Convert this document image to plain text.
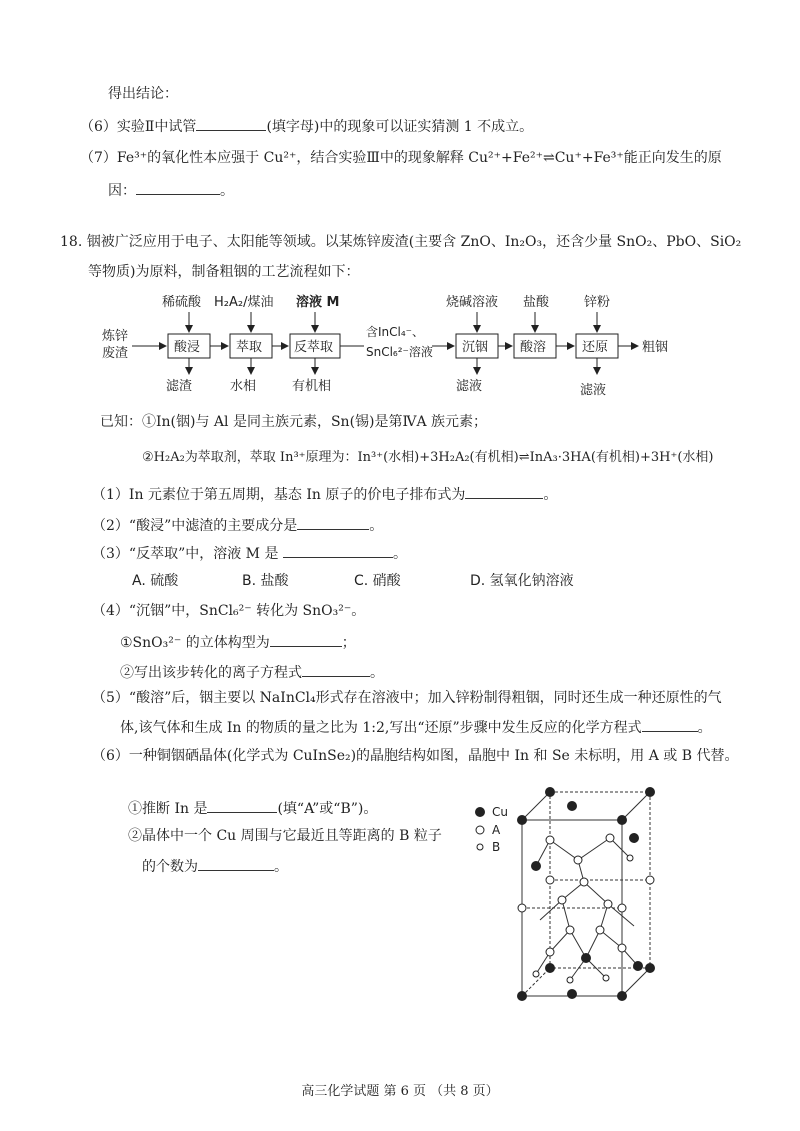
得出结论：
（6）实验Ⅱ中试管	(填字母)中的现象可以证实猜测 1 不成立。
（7）Fe³⁺的氧化性本应强于 Cu²⁺，结合实验Ⅲ中的现象解释 Cu²⁺+Fe²⁺⇌Cu⁺+Fe³⁺能正向发生的原
因：	。
18. 铟被广泛应用于电子、太阳能等领域。以某炼锌废渣(主要含 ZnO、In₂O₃，还含少量 SnO₂、PbO、SiO₂
等物质)为原料，制备粗铟的工艺流程如下：
炼锌
废渣	酸浸	萃取 反萃取
含InCl₄⁻、
SnCl₆²⁻溶液 沉铟 酸溶	还原	粗铟
稀硫酸 H₂A₂/煤油 溶液 M	烧碱溶液 盐酸	锌粉
滤渣	水相	有机相	滤液	滤液
已知：①In(铟)与 Al 是同主族元素，Sn(锡)是第ⅣA 族元素；
②H₂A₂为萃取剂，萃取 In³⁺原理为：In³⁺(水相)+3H₂A₂(有机相)⇌InA₃·3HA(有机相)+3H⁺(水相)
（1）In 元素位于第五周期，基态 In 原子的价电子排布式为	。
（2）“酸浸”中滤渣的主要成分是	。
（3）“反萃取”中，溶液 M 是	。
A. 硫酸	B. 盐酸	C. 硝酸	D. 氢氧化钠溶液
（4）“沉铟”中，SnCl₆²⁻ 转化为 SnO₃²⁻。
①SnO₃²⁻ 的立体构型为	；
②写出该步转化的离子方程式	。
（5）“酸溶”后，铟主要以 NaInCl₄形式存在溶液中；加入锌粉制得粗铟，同时还生成一种还原性的气
体,该气体和生成 In 的物质的量之比为 1:2,写出“还原”步骤中发生反应的化学方程式	。
（6）一种铜铟硒晶体(化学式为 CuInSe₂)的晶胞结构如图，晶胞中 In 和 Se 未标明，用 A 或 B 代替。
①推断 In 是	(填“A”或“B”)。
②晶体中一个 Cu 周围与它最近且等距离的 B 粒子
的个数为	。
Cu
A
B
高三化学试题 第 6 页 （共 8 页）
